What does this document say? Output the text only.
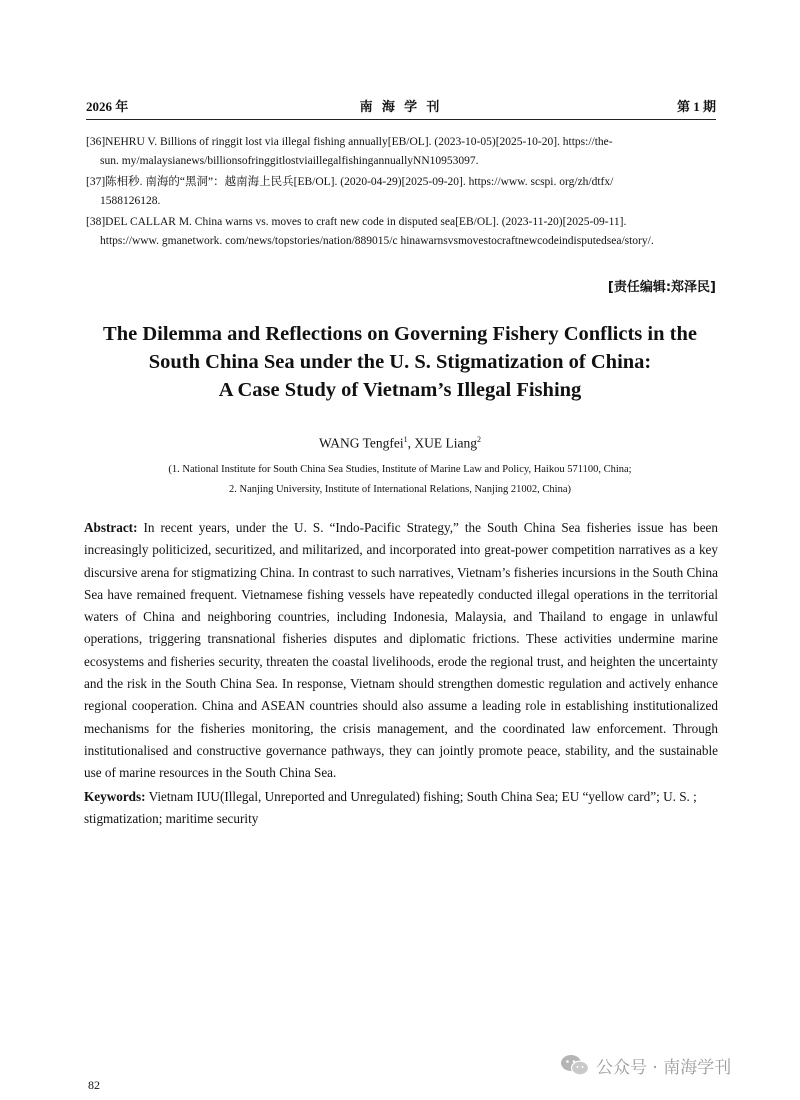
2026 年	南 海 学 刊	第 1 期
[36]NEHRU V. Billions of ringgit lost via illegal fishing annually[EB/OL]. (2023-10-05)[2025-10-20]. https://the-
sun. my/malaysianews/billionsofringgitlostviaillegalfishingannuallyNN10953097.
[37]陈相秒. 南海的“黑洞”：越南海上民兵[EB/OL]. (2020-04-29)[2025-09-20]. https://www. scspi. org/zh/dtfx/
1588126128.
[38]DEL CALLAR M. China warns vs. moves to craft new code in disputed sea[EB/OL]. (2023-11-20)[2025-09-11].
https://www. gmanetwork. com/news/topstories/nation/889015/c hinawarnsvsmovestocraftnewcodeindisputedsea/story/.
[责任编辑:郑泽民]
The Dilemma and Reflections on Governing Fishery Conflicts in the
South China Sea under the U. S. Stigmatization of China:
A Case Study of Vietnam’s Illegal Fishing
WANG Tengfei$^1$, XUE Liang$^2$
(1. National Institute for South China Sea Studies, Institute of Marine Law and Policy, Haikou 571100, China;
2. Nanjing University, Institute of International Relations, Nanjing 21002, China)
Abstract: In recent years, under the U. S. “Indo-Pacific Strategy,” the South China Sea fisheries issue has been increasingly politicized, securitized, and militarized, and incorporated into great-power competition narratives as a key discursive arena for stigmatizing China. In contrast to such narratives, Vietnam’s fisheries incursions in the South China Sea have remained frequent. Vietnamese fishing vessels have repeatedly conducted illegal operations in the territorial waters of China and neighboring countries, including Indonesia, Malaysia, and Thailand to engage in unlawful operations, triggering transnational fisheries disputes and diplomatic frictions. These activities undermine marine ecosystems and fisheries security, threaten the coastal livelihoods, erode the regional trust, and heighten the uncertainty and the risk in the South China Sea. In response, Vietnam should strengthen domestic regulation and actively enhance regional cooperation. China and ASEAN countries should also assume a leading role in establishing institutionalized mechanisms for the fisheries monitoring, the crisis management, and the coordinated law enforcement. Through institutionalised and constructive governance pathways, they can jointly promote peace, stability, and the sustainable use of marine resources in the South China Sea.
Keywords: Vietnam IUU(Illegal, Unreported and Unregulated) fishing; South China Sea; EU “yellow card”; U. S. ; stigmatization; maritime security
82
公众号 · 南海学刊
